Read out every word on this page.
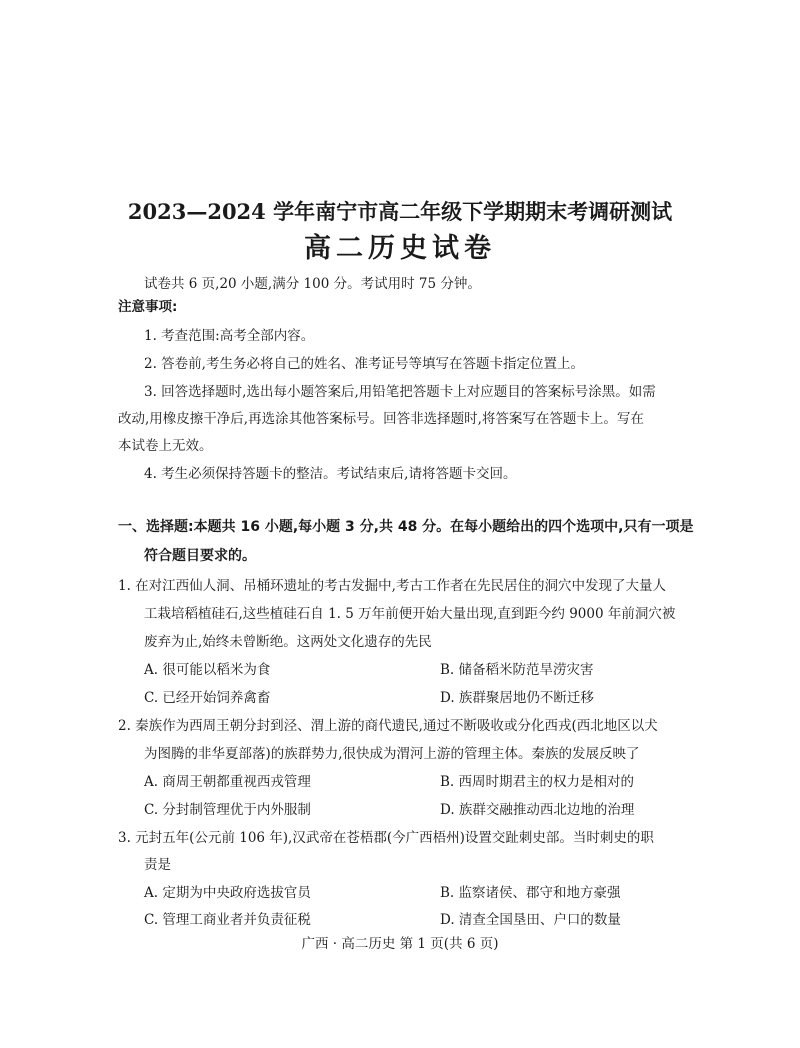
2023—2024 学年南宁市高二年级下学期期末考调研测试
高二历史试卷
试卷共 6 页,20 小题,满分 100 分。考试用时 75 分钟。
注意事项:
1. 考查范围:高考全部内容。
2. 答卷前,考生务必将自己的姓名、准考证号等填写在答题卡指定位置上。
3. 回答选择题时,选出每小题答案后,用铅笔把答题卡上对应题目的答案标号涂黑。如需
改动,用橡皮擦干净后,再选涂其他答案标号。回答非选择题时,将答案写在答题卡上。写在
本试卷上无效。
4. 考生必须保持答题卡的整洁。考试结束后,请将答题卡交回。
一、选择题:本题共 16 小题,每小题 3 分,共 48 分。在每小题给出的四个选项中,只有一项是
符合题目要求的。
1. 在对江西仙人洞、吊桶环遗址的考古发掘中,考古工作者在先民居住的洞穴中发现了大量人
工栽培稻植硅石,这些植硅石自 1. 5 万年前便开始大量出现,直到距今约 9000 年前洞穴被
废弃为止,始终未曾断绝。这两处文化遗存的先民
A. 很可能以稻米为食	B. 储备稻米防范旱涝灾害
C. 已经开始饲养禽畜	D. 族群聚居地仍不断迁移
2. 秦族作为西周王朝分封到泾、渭上游的商代遗民,通过不断吸收或分化西戎(西北地区以犬
为图腾的非华夏部落)的族群势力,很快成为渭河上游的管理主体。秦族的发展反映了
A. 商周王朝都重视西戎管理	B. 西周时期君主的权力是相对的
C. 分封制管理优于内外服制	D. 族群交融推动西北边地的治理
3. 元封五年(公元前 106 年),汉武帝在苍梧郡(今广西梧州)设置交趾刺史部。当时刺史的职
责是
A. 定期为中央政府选拔官员	B. 监察诸侯、郡守和地方豪强
C. 管理工商业者并负责征税	D. 清查全国垦田、户口的数量
广西 · 高二历史 第 1 页(共 6 页)
